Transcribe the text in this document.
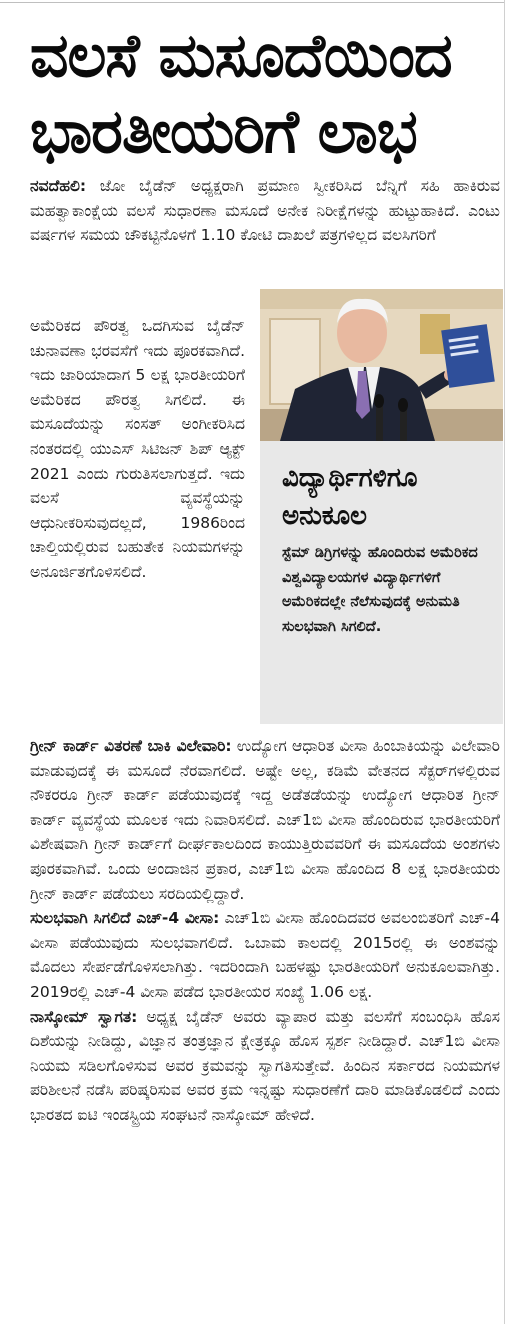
ವಲಸೆ ಮಸೂದೆಯಿಂದ
ಭಾರತೀಯರಿಗೆ ಲಾಭ
ನವದೆಹಲಿ: ಜೋ ಬೈಡೆನ್ ಅಧ್ಯಕ್ಷರಾಗಿ ಪ್ರಮಾಣ ಸ್ವೀಕರಿಸಿದ ಬೆನ್ನಿಗೆ ಸಹಿ ಹಾಕಿರುವ ಮಹತ್ವಾಕಾಂಕ್ಷೆಯ ವಲಸೆ ಸುಧಾರಣಾ ಮಸೂದೆ ಅನೇಕ ನಿರೀಕ್ಷೆಗಳನ್ನು ಹುಟ್ಟುಹಾಕಿದೆ. ಎಂಟು ವರ್ಷಗಳ ಸಮಯ ಚೌಕಟ್ಟಿನೊಳಗೆ 1.10 ಕೋಟಿ ದಾಖಲೆ ಪತ್ರಗಳಿಲ್ಲದ ವಲಸಿಗರಿಗೆ
ಅಮೆರಿಕದ ಪೌರತ್ವ ಒದಗಿಸುವ ಬೈಡೆನ್ ಚುನಾವಣಾ ಭರವಸೆಗೆ ಇದು ಪೂರಕವಾಗಿದೆ. ಇದು ಜಾರಿಯಾದಾಗ 5 ಲಕ್ಷ ಭಾರತೀಯರಿಗೆ ಅಮೆರಿಕದ ಪೌರತ್ವ ಸಿಗಲಿದೆ. ಈ ಮಸೂದೆಯನ್ನು ಸಂಸತ್ ಅಂಗೀಕರಿಸಿದ ನಂತರದಲ್ಲಿ ಯುಎಸ್ ಸಿಟಿಜನ್ ಶಿಪ್ ಆ್ಯಕ್ಟ್ 2021 ಎಂದು ಗುರುತಿಸಲಾಗುತ್ತದೆ. ಇದು ವಲಸೆ ವ್ಯವಸ್ಥೆಯನ್ನು ಆಧುನೀಕರಿಸುವುದಲ್ಲದೆ, 1986ರಿಂದ ಚಾಲ್ತಿಯಲ್ಲಿರುವ ಬಹುತೇಕ ನಿಯಮಗಳನ್ನು ಅನೂರ್ಜಿತಗೊಳಿಸಲಿದೆ.
ವಿದ್ಯಾರ್ಥಿಗಳಿಗೂ ಅನುಕೂಲ
ಸ್ಟೆಮ್ ಡಿಗ್ರಿಗಳನ್ನು ಹೊಂದಿರುವ ಅಮೆರಿಕದ ವಿಶ್ವವಿದ್ಯಾಲಯಗಳ ವಿದ್ಯಾರ್ಥಿಗಳಿಗೆ ಅಮೆರಿಕದಲ್ಲೇ ನೆಲೆಸುವುದಕ್ಕೆ ಅನುಮತಿ ಸುಲಭವಾಗಿ ಸಿಗಲಿದೆ.
ಗ್ರೀನ್ ಕಾರ್ಡ್ ವಿತರಣೆ ಬಾಕಿ ವಿಲೇವಾರಿ: ಉದ್ಯೋಗ ಆಧಾರಿತ ವೀಸಾ ಹಿಂಬಾಕಿಯನ್ನು ವಿಲೇವಾರಿ ಮಾಡುವುದಕ್ಕೆ ಈ ಮಸೂದೆ ನೆರವಾಗಲಿದೆ. ಅಷ್ಟೇ ಅಲ್ಲ, ಕಡಿಮೆ ವೇತನದ ಸೆಕ್ಟರ್‌ಗಳಲ್ಲಿರುವ ನೌಕರರೂ ಗ್ರೀನ್ ಕಾರ್ಡ್ ಪಡೆಯುವುದಕ್ಕೆ ಇದ್ದ ಅಡೆತಡೆಯನ್ನು ಉದ್ಯೋಗ ಆಧಾರಿತ ಗ್ರೀನ್ ಕಾರ್ಡ್ ವ್ಯವಸ್ಥೆಯ ಮೂಲಕ ಇದು ನಿವಾರಿಸಲಿದೆ. ಎಚ್1ಬಿ ವೀಸಾ ಹೊಂದಿರುವ ಭಾರತೀಯರಿಗೆ ವಿಶೇಷವಾಗಿ ಗ್ರೀನ್ ಕಾರ್ಡ್‌ಗೆ ದೀರ್ಘಕಾಲದಿಂದ ಕಾಯುತ್ತಿರುವವರಿಗೆ ಈ ಮಸೂದೆಯ ಅಂಶಗಳು ಪೂರಕವಾಗಿವೆ. ಒಂದು ಅಂದಾಜಿನ ಪ್ರಕಾರ, ಎಚ್1ಬಿ ವೀಸಾ ಹೊಂದಿದ 8 ಲಕ್ಷ ಭಾರತೀಯರು ಗ್ರೀನ್ ಕಾರ್ಡ್ ಪಡೆಯಲು ಸರದಿಯಲ್ಲಿದ್ದಾರೆ.
ಸುಲಭವಾಗಿ ಸಿಗಲಿದೆ ಎಚ್-4 ವೀಸಾ: ಎಚ್1ಬಿ ವೀಸಾ ಹೊಂದಿದವರ ಅವಲಂಬಿತರಿಗೆ ಎಚ್-4 ವೀಸಾ ಪಡೆಯುವುದು ಸುಲಭವಾಗಲಿದೆ. ಒಬಾಮ ಕಾಲದಲ್ಲಿ 2015ರಲ್ಲಿ ಈ ಅಂಶವನ್ನು ಮೊದಲು ಸೇರ್ಪಡೆಗೊಳಿಸಲಾಗಿತ್ತು. ಇದರಿಂದಾಗಿ ಬಹಳಷ್ಟು ಭಾರತೀಯರಿಗೆ ಅನುಕೂಲವಾಗಿತ್ತು. 2019ರಲ್ಲಿ ಎಚ್-4 ವೀಸಾ ಪಡೆದ ಭಾರತೀಯರ ಸಂಖ್ಯೆ 1.06 ಲಕ್ಷ.
ನಾಸ್ಕೋಮ್ ಸ್ವಾಗತ: ಅಧ್ಯಕ್ಷ ಬೈಡೆನ್ ಅವರು ವ್ಯಾಪಾರ ಮತ್ತು ವಲಸೆಗೆ ಸಂಬಂಧಿಸಿ ಹೊಸ ದಿಶೆಯನ್ನು ನೀಡಿದ್ದು, ವಿಜ್ಞಾನ ತಂತ್ರಜ್ಞಾನ ಕ್ಷೇತ್ರಕ್ಕೂ ಹೊಸ ಸ್ಪರ್ಶ ನೀಡಿದ್ದಾರೆ. ಎಚ್1ಬಿ ವೀಸಾ ನಿಯಮ ಸಡಿಲಗೊಳಿಸುವ ಅವರ ಕ್ರಮವನ್ನು ಸ್ವಾಗತಿಸುತ್ತೇವೆ. ಹಿಂದಿನ ಸರ್ಕಾರದ ನಿಯಮಗಳ ಪರಿಶೀಲನೆ ನಡೆಸಿ ಪರಿಷ್ಕರಿಸುವ ಅವರ ಕ್ರಮ ಇನ್ನಷ್ಟು ಸುಧಾರಣೆಗೆ ದಾರಿ ಮಾಡಿಕೊಡಲಿದೆ ಎಂದು ಭಾರತದ ಐಟಿ ಇಂಡಸ್ಟ್ರಿಯ ಸಂಘಟನೆ ನಾಸ್ಕೋಮ್ ಹೇಳಿದೆ.
